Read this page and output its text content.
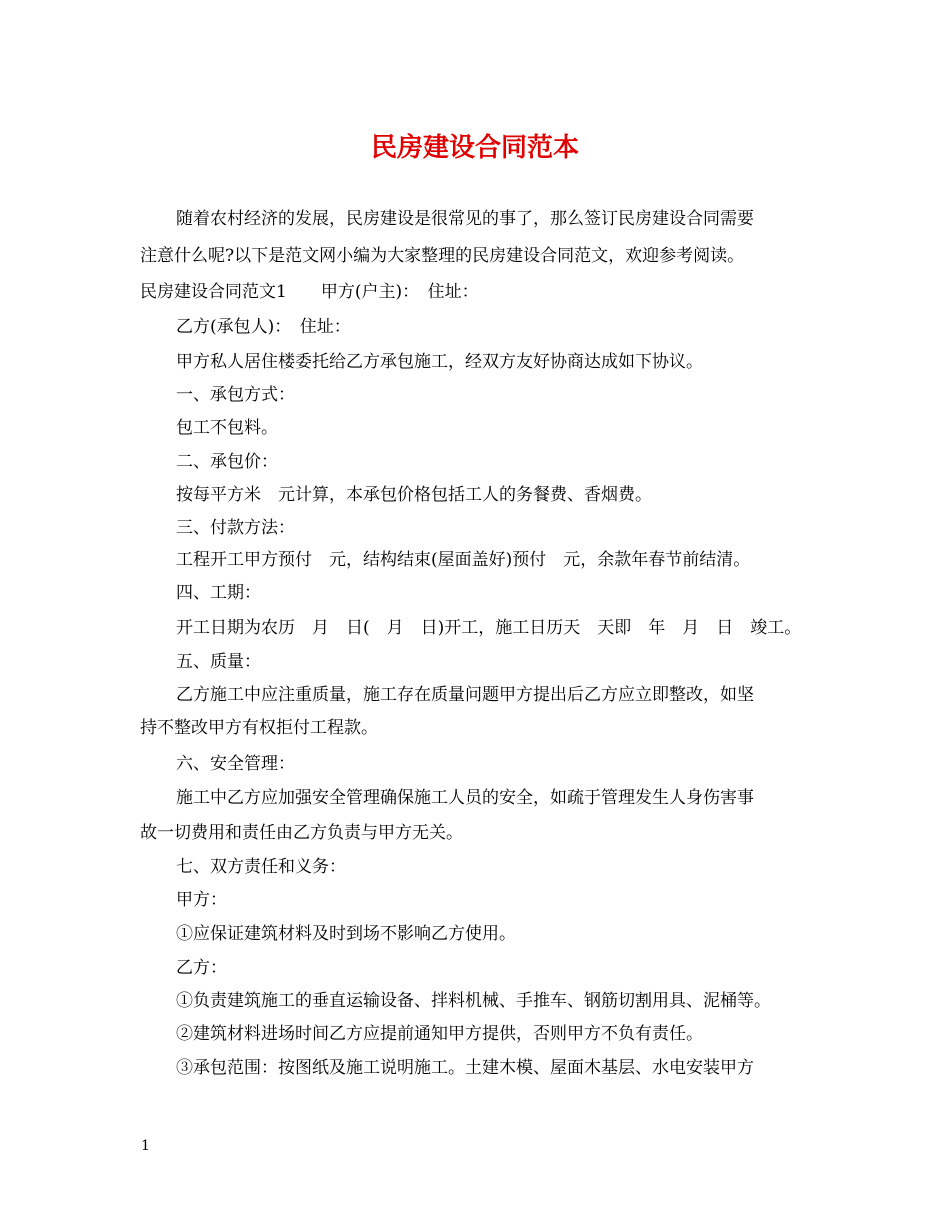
民房建设合同范本
随着农村经济的发展，民房建设是很常见的事了，那么签订民房建设合同需要
注意什么呢?以下是范文网小编为大家整理的民房建设合同范文，欢迎参考阅读。
民房建设合同范文1　　甲方(户主)：　住址：
乙方(承包人)：　住址：
甲方私人居住楼委托给乙方承包施工，经双方友好协商达成如下协议。
一、承包方式：
包工不包料。
二、承包价：
按每平方米　元计算，本承包价格包括工人的务餐费、香烟费。
三、付款方法：
工程开工甲方预付　元，结构结束(屋面盖好)预付　元，余款年春节前结清。
四、工期：
开工日期为农历　月　日(　月　日)开工，施工日历天　天即　年　月　日　竣工。
五、质量：
乙方施工中应注重质量，施工存在质量问题甲方提出后乙方应立即整改，如坚
持不整改甲方有权拒付工程款。
六、安全管理：
施工中乙方应加强安全管理确保施工人员的安全，如疏于管理发生人身伤害事
故一切费用和责任由乙方负责与甲方无关。
七、双方责任和义务：
甲方：
①应保证建筑材料及时到场不影响乙方使用。
乙方：
①负责建筑施工的垂直运输设备、拌料机械、手推车、钢筋切割用具、泥桶等。
②建筑材料进场时间乙方应提前通知甲方提供，否则甲方不负有责任。
③承包范围：按图纸及施工说明施工。土建木模、屋面木基层、水电安装甲方
1
